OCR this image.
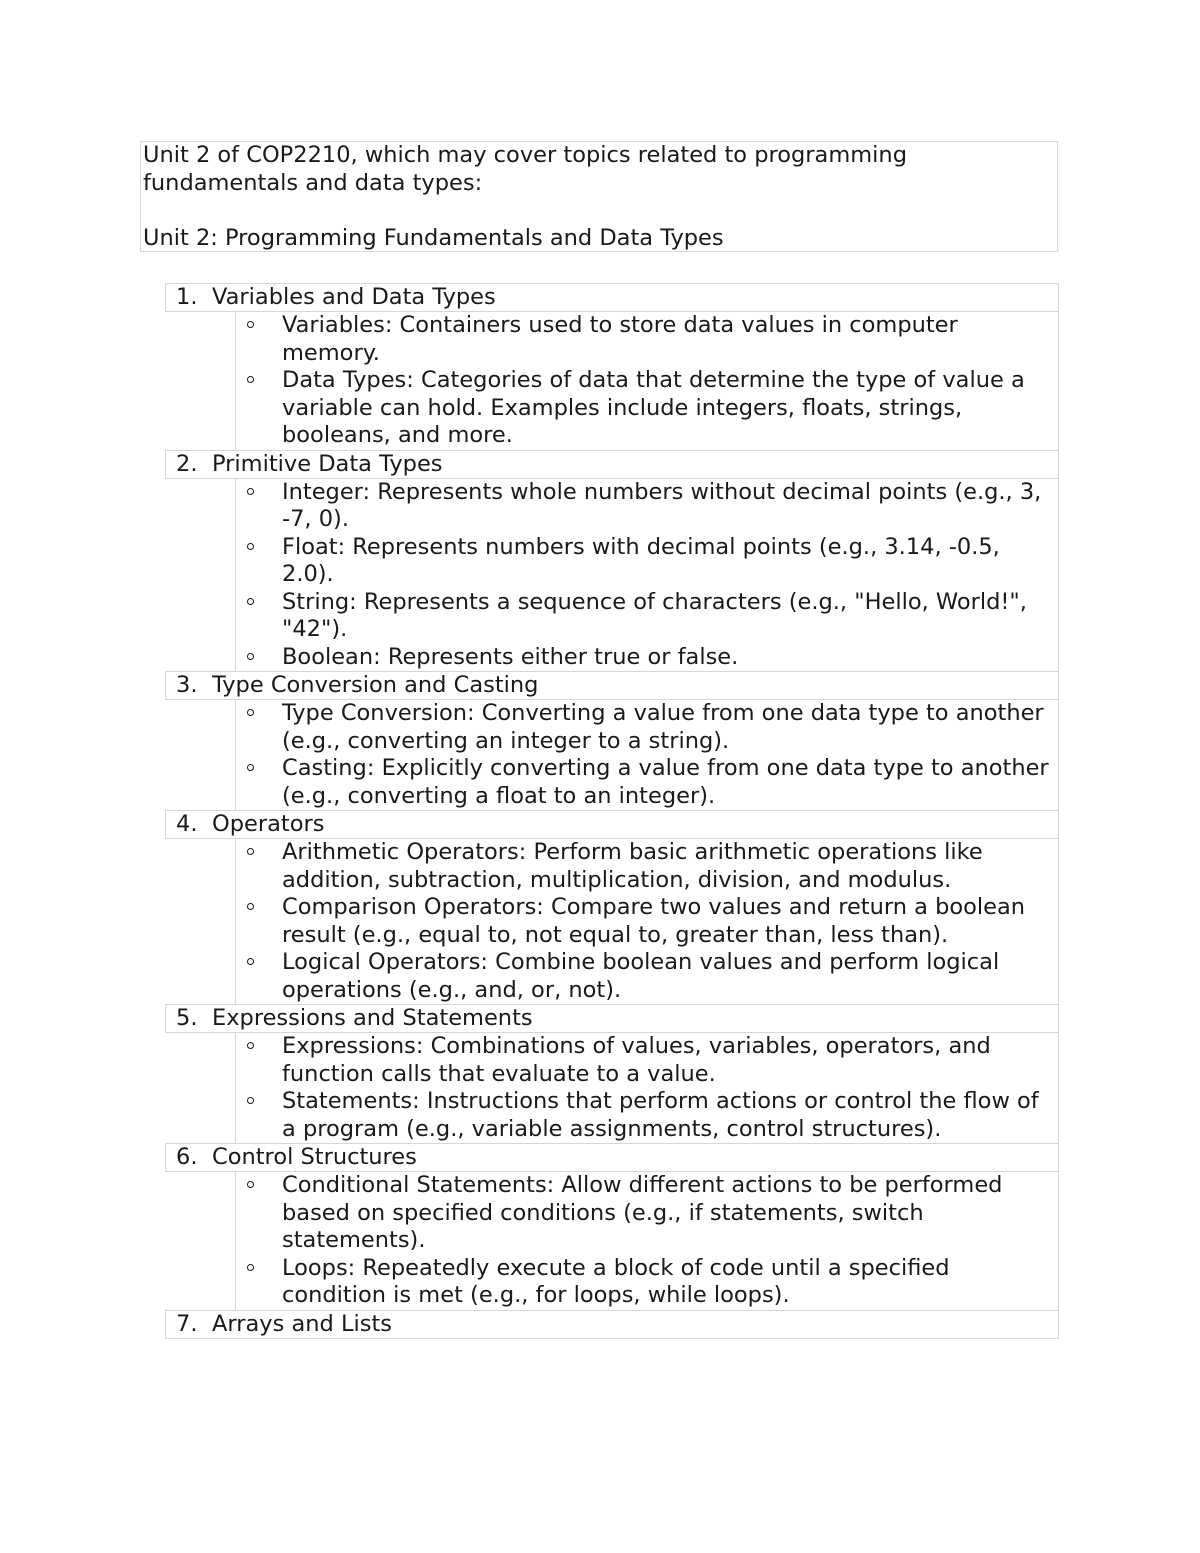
Unit 2 of COP2210, which may cover topics related to programming fundamentals and data types:

Unit 2: Programming Fundamentals and Data Types

1. Variables and Data Types
Variables: Containers used to store data values in computer memory.
Data Types: Categories of data that determine the type of value a variable can hold. Examples include integers, floats, strings, booleans, and more.
2. Primitive Data Types
Integer: Represents whole numbers without decimal points (e.g., 3, -7, 0).
Float: Represents numbers with decimal points (e.g., 3.14, -0.5, 2.0).
String: Represents a sequence of characters (e.g., "Hello, World!", "42").
Boolean: Represents either true or false.
3. Type Conversion and Casting
Type Conversion: Converting a value from one data type to another (e.g., converting an integer to a string).
Casting: Explicitly converting a value from one data type to another (e.g., converting a float to an integer).
4. Operators
Arithmetic Operators: Perform basic arithmetic operations like addition, subtraction, multiplication, division, and modulus.
Comparison Operators: Compare two values and return a boolean result (e.g., equal to, not equal to, greater than, less than).
Logical Operators: Combine boolean values and perform logical operations (e.g., and, or, not).
5. Expressions and Statements
Expressions: Combinations of values, variables, operators, and function calls that evaluate to a value.
Statements: Instructions that perform actions or control the flow of a program (e.g., variable assignments, control structures).
6. Control Structures
Conditional Statements: Allow different actions to be performed based on specified conditions (e.g., if statements, switch statements).
Loops: Repeatedly execute a block of code until a specified condition is met (e.g., for loops, while loops).
7. Arrays and Lists
